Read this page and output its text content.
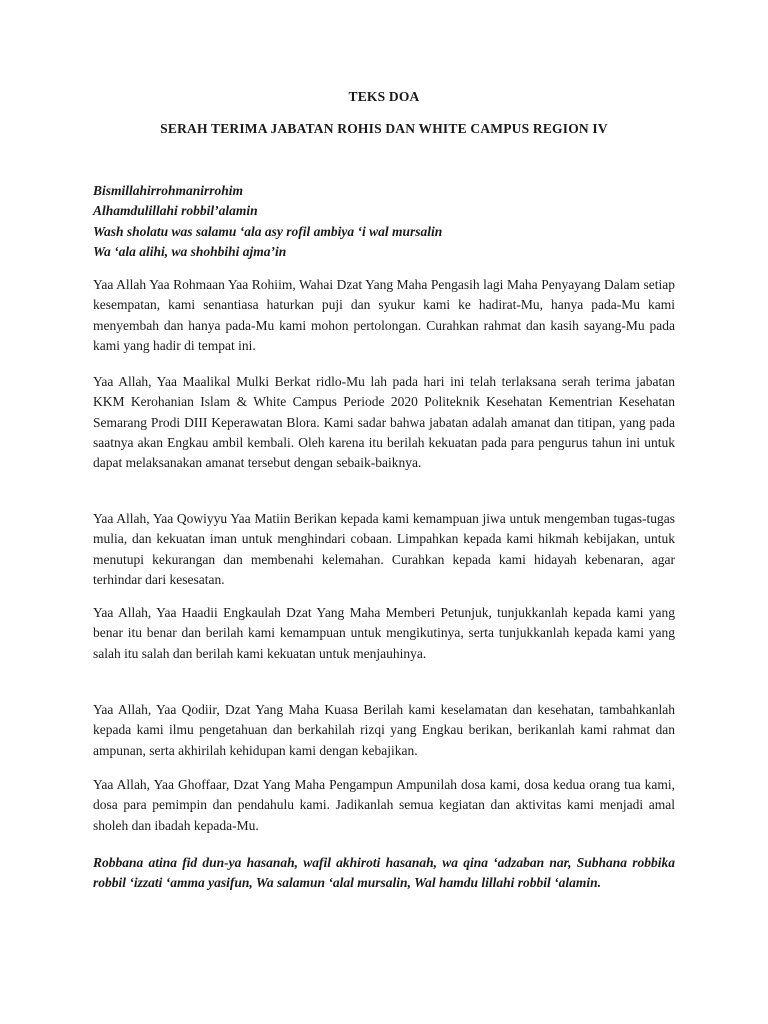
TEKS DOA
SERAH TERIMA JABATAN ROHIS DAN WHITE CAMPUS REGION IV
Bismillahirrohmanirrohim
Alhamdulillahi robbil’alamin
Wash sholatu was salamu ‘ala asy rofil ambiya ‘i wal mursalin
Wa ‘ala alihi, wa shohbihi ajma’in

Yaa Allah Yaa Rohmaan Yaa Rohiim, Wahai Dzat Yang Maha Pengasih lagi Maha Penyayang Dalam setiap kesempatan, kami senantiasa haturkan puji dan syukur kami ke hadirat-Mu, hanya pada-Mu kami menyembah dan hanya pada-Mu kami mohon pertolongan. Curahkan rahmat dan kasih sayang-Mu pada kami yang hadir di tempat ini.

Yaa Allah, Yaa Maalikal Mulki Berkat ridlo-Mu lah pada hari ini telah terlaksana serah terima jabatan KKM Kerohanian Islam & White Campus Periode 2020 Politeknik Kesehatan Kementrian Kesehatan Semarang Prodi DIII Keperawatan Blora. Kami sadar bahwa jabatan adalah amanat dan titipan, yang pada saatnya akan Engkau ambil kembali. Oleh karena itu berilah kekuatan pada para pengurus tahun ini untuk dapat melaksanakan amanat tersebut dengan sebaik-baiknya.

Yaa Allah, Yaa Qowiyyu Yaa Matiin Berikan kepada kami kemampuan jiwa untuk mengemban tugas-tugas mulia, dan kekuatan iman untuk menghindari cobaan. Limpahkan kepada kami hikmah kebijakan, untuk menutupi kekurangan dan membenahi kelemahan. Curahkan kepada kami hidayah kebenaran, agar terhindar dari kesesatan.

Yaa Allah, Yaa Haadii Engkaulah Dzat Yang Maha Memberi Petunjuk, tunjukkanlah kepada kami yang benar itu benar dan berilah kami kemampuan untuk mengikutinya, serta tunjukkanlah kepada kami yang salah itu salah dan berilah kami kekuatan untuk menjauhinya.

Yaa Allah, Yaa Qodiir, Dzat Yang Maha Kuasa Berilah kami keselamatan dan kesehatan, tambahkanlah kepada kami ilmu pengetahuan dan berkahilah rizqi yang Engkau berikan, berikanlah kami rahmat dan ampunan, serta akhirilah kehidupan kami dengan kebajikan.

Yaa Allah, Yaa Ghoffaar, Dzat Yang Maha Pengampun Ampunilah dosa kami, dosa kedua orang tua kami, dosa para pemimpin dan pendahulu kami. Jadikanlah semua kegiatan dan aktivitas kami menjadi amal sholeh dan ibadah kepada-Mu.

Robbana atina fid dun-ya hasanah, wafil akhiroti hasanah, wa qina ‘adzaban nar, Subhana robbika robbil ‘izzati ‘amma yasifun, Wa salamun ‘alal mursalin, Wal hamdu lillahi robbil ‘alamin.
